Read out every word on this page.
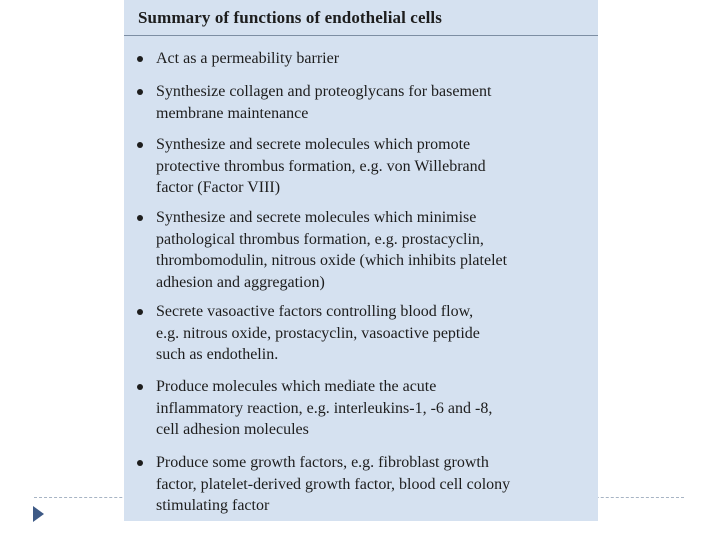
Summary of functions of endothelial cells
Act as a permeability barrier
Synthesize collagen and proteoglycans for basement
membrane maintenance
Synthesize and secrete molecules which promote
protective thrombus formation, e.g. von Willebrand
factor (Factor VIII)
Synthesize and secrete molecules which minimise
pathological thrombus formation, e.g. prostacyclin,
thrombomodulin, nitrous oxide (which inhibits platelet
adhesion and aggregation)
Secrete vasoactive factors controlling blood flow,
e.g. nitrous oxide, prostacyclin, vasoactive peptide
such as endothelin.
Produce molecules which mediate the acute
inflammatory reaction, e.g. interleukins-1, -6 and -8,
cell adhesion molecules
Produce some growth factors, e.g. fibroblast growth
factor, platelet-derived growth factor, blood cell colony
stimulating factor
